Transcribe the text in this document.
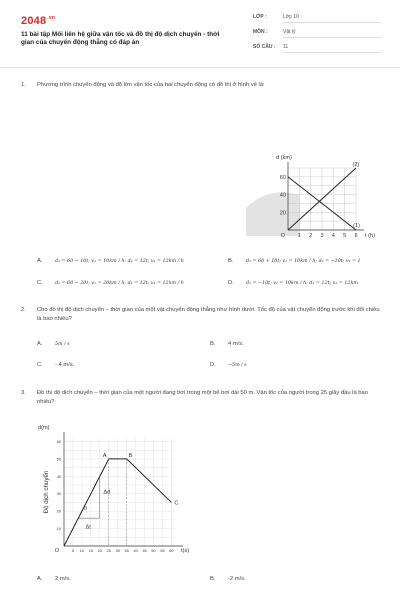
$2048^{.vn}$
11 bài tập Mối liên hệ giữa vận tốc và đồ thị độ dịch chuyển - thời gian của chuyển động thẳng có đáp án
LỚP :	Lớp 10
MÔN :	Vật lý
SỐ CÂU : 11
1. Phương trình chuyển động và độ lớn vận tốc của hai chuyển động có đồ thị ở hình vẽ là:
1 2 3 4 5 6
20
40
60
O	t (h)
d (km)
(1)
(2)
A.	d₁ = 60 − 10t; v₁ = 10km / h; d₂ = 12t; v₂ = 12km / h	B.	d₁ = 60 + 10t; v₁ = 10km / h; d₂ = −10t; v₂ = 1
C.	d₁ = 60 − 20t; v₁ = 20km / h; d₂ = 12t; v₂ = 12km / h	D.	d₁ = −10t; v₁ = 10km / h; d₂ = 12t; v₂ = 12km
2. Cho đồ thị độ dịch chuyển – thời gian của một vật chuyển động thẳng như hình dưới. Tốc độ của vật chuyển động trước khi đổi chiều là bao nhiêu?
A.	5m / s	B. 4 m/s.
C. - 4 m/s.	D.	−5m / s
3. Đồ thị độ dịch chuyển – thời gian của một người đang bơi trong một bể bơi dài 50 m. Vận tốc của người trong 25 giây đầu là bao nhiêu?
5 10 15 20 25 30 35 40 45 50 55 60
10
20
30
40
50
60
O	t(s)
d(m)
Độ dịch chuyển
A	B
C
Δd
α
Δt
A. 2 m/s.	B. -2 m/s.
